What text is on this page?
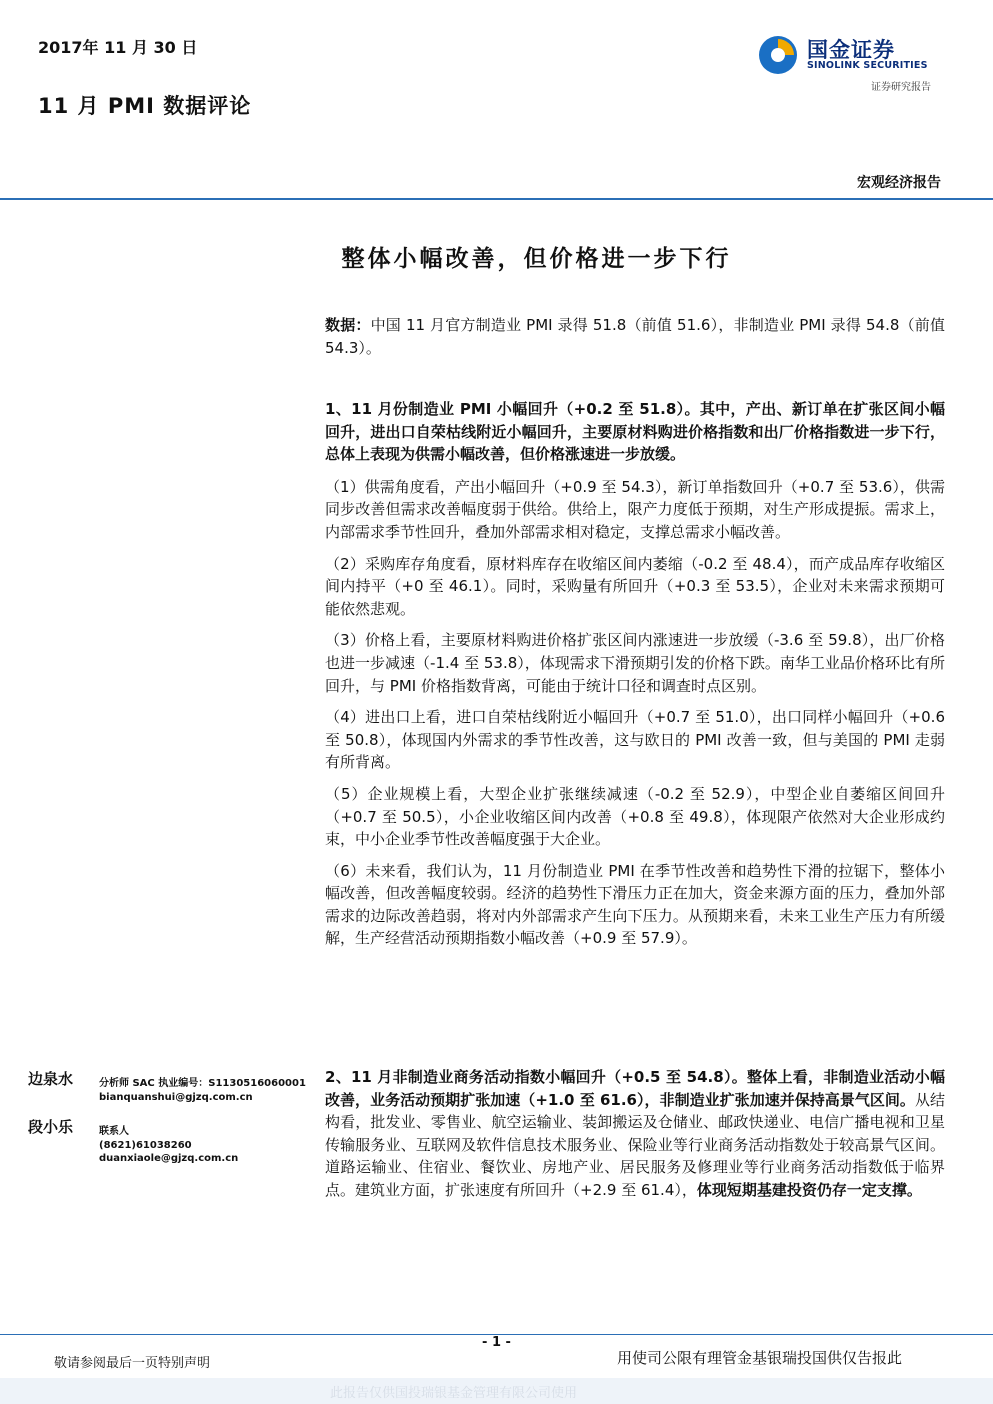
2017年 11 月 30 日
11 月 PMI 数据评论
国金证券
SINOLINK SECURITIES
证券研究报告
宏观经济报告
整体小幅改善，但价格进一步下行

数据：中国 11 月官方制造业 PMI 录得 51.8（前值 51.6），非制造业 PMI 录得 54.8（前值 54.3）。

1、11 月份制造业 PMI 小幅回升（+0.2 至 51.8）。其中，产出、新订单在扩张区间小幅回升，进出口自荣枯线附近小幅回升，主要原材料购进价格指数和出厂价格指数进一步下行，总体上表现为供需小幅改善，但价格涨速进一步放缓。

（1）供需角度看，产出小幅回升（+0.9 至 54.3），新订单指数回升（+0.7 至 53.6），供需同步改善但需求改善幅度弱于供给。供给上，限产力度低于预期，对生产形成提振。需求上，内部需求季节性回升，叠加外部需求相对稳定，支撑总需求小幅改善。

（2）采购库存角度看，原材料库存在收缩区间内萎缩（-0.2 至 48.4），而产成品库存收缩区间内持平（+0 至 46.1）。同时，采购量有所回升（+0.3 至 53.5），企业对未来需求预期可能依然悲观。

（3）价格上看，主要原材料购进价格扩张区间内涨速进一步放缓（-3.6 至 59.8），出厂价格也进一步减速（-1.4 至 53.8），体现需求下滑预期引发的价格下跌。南华工业品价格环比有所回升，与 PMI 价格指数背离，可能由于统计口径和调查时点区别。

（4）进出口上看，进口自荣枯线附近小幅回升（+0.7 至 51.0），出口同样小幅回升（+0.6 至 50.8），体现国内外需求的季节性改善，这与欧日的 PMI 改善一致，但与美国的 PMI 走弱有所背离。

（5）企业规模上看，大型企业扩张继续减速（-0.2 至 52.9），中型企业自萎缩区间回升（+0.7 至 50.5），小企业收缩区间内改善（+0.8 至 49.8），体现限产依然对大企业形成约束，中小企业季节性改善幅度强于大企业。

（6）未来看，我们认为，11 月份制造业 PMI 在季节性改善和趋势性下滑的拉锯下，整体小幅改善，但改善幅度较弱。经济的趋势性下滑压力正在加大，资金来源方面的压力，叠加外部需求的边际改善趋弱，将对内外部需求产生向下压力。从预期来看，未来工业生产压力有所缓解，生产经营活动预期指数小幅改善（+0.9 至 57.9）。

2、11 月非制造业商务活动指数小幅回升（+0.5 至 54.8）。整体上看，非制造业活动小幅改善，业务活动预期扩张加速（+1.0 至 61.6），非制造业扩张加速并保持高景气区间。从结构看，批发业、零售业、航空运输业、装卸搬运及仓储业、邮政快递业、电信广播电视和卫星传输服务业、互联网及软件信息技术服务业、保险业等行业商务活动指数处于较高景气区间。道路运输业、住宿业、餐饮业、房地产业、居民服务及修理业等行业商务活动指数低于临界点。建筑业方面，扩张速度有所回升（+2.9 至 61.4），体现短期基建投资仍存一定支撑。

边泉水	分析师 SAC 执业编号：S1130516060001
bianquanshui@gjzq.com.cn
段小乐	联系人
(8621)61038260
duanxiaole@gjzq.com.cn
- 1 -
敬请参阅最后一页特别声明	用使司公限有理管金基银瑞投国供仅告报此
此报告仅供国投瑞银基金管理有限公司使用
